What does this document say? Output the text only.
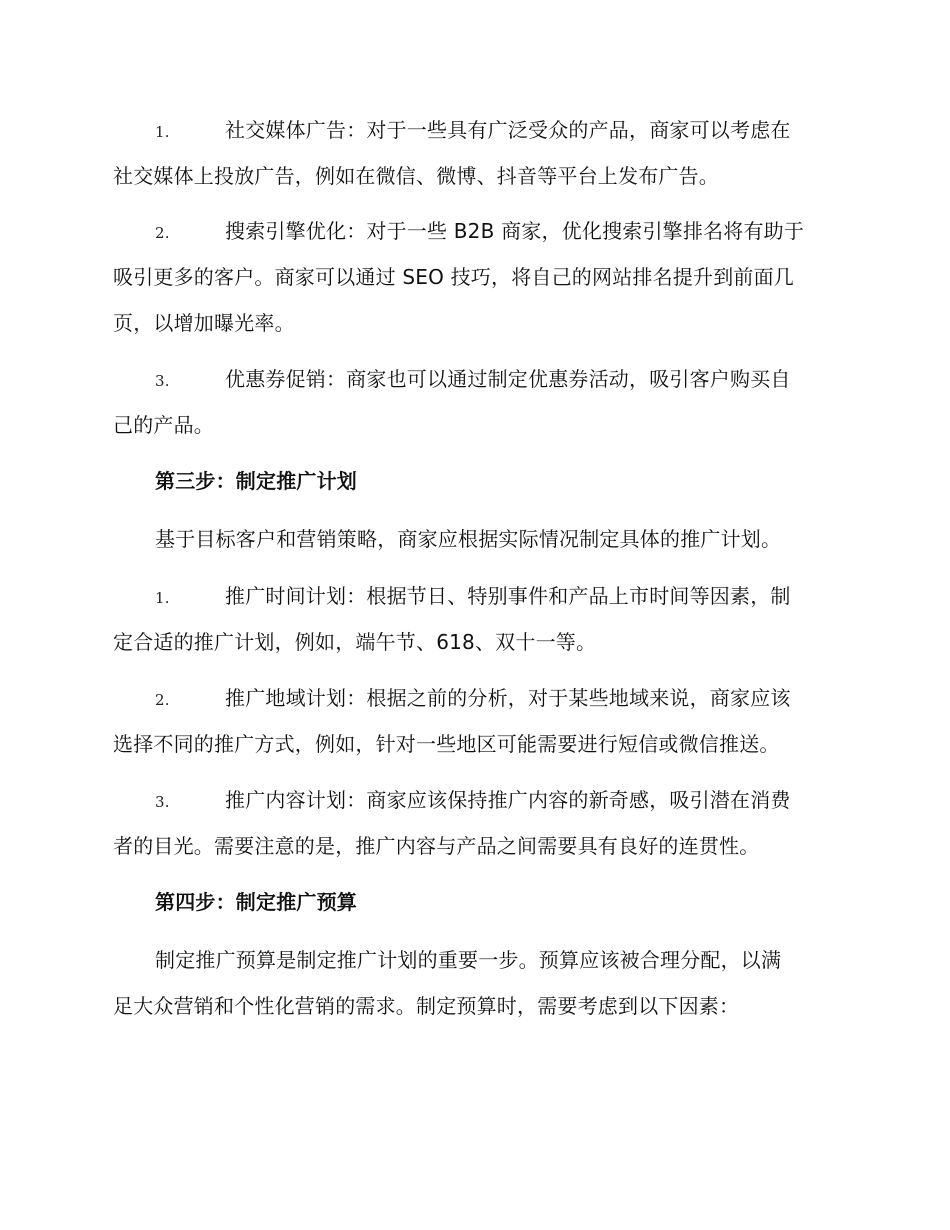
1.	社交媒体广告：对于一些具有广泛受众的产品，商家可以考虑在
社交媒体上投放广告，例如在微信、微博、抖音等平台上发布广告。
2.	搜索引擎优化：对于一些 B2B 商家，优化搜索引擎排名将有助于
吸引更多的客户。商家可以通过 SEO 技巧，将自己的网站排名提升到前面几
页，以增加曝光率。
3.	优惠券促销：商家也可以通过制定优惠券活动，吸引客户购买自
己的产品。
第三步：制定推广计划
基于目标客户和营销策略，商家应根据实际情况制定具体的推广计划。
1.	推广时间计划：根据节日、特别事件和产品上市时间等因素，制
定合适的推广计划，例如，端午节、618、双十一等。
2.	推广地域计划：根据之前的分析，对于某些地域来说，商家应该
选择不同的推广方式，例如，针对一些地区可能需要进行短信或微信推送。
3.	推广内容计划：商家应该保持推广内容的新奇感，吸引潜在消费
者的目光。需要注意的是，推广内容与产品之间需要具有良好的连贯性。
第四步：制定推广预算
制定推广预算是制定推广计划的重要一步。预算应该被合理分配，以满
足大众营销和个性化营销的需求。制定预算时，需要考虑到以下因素：
